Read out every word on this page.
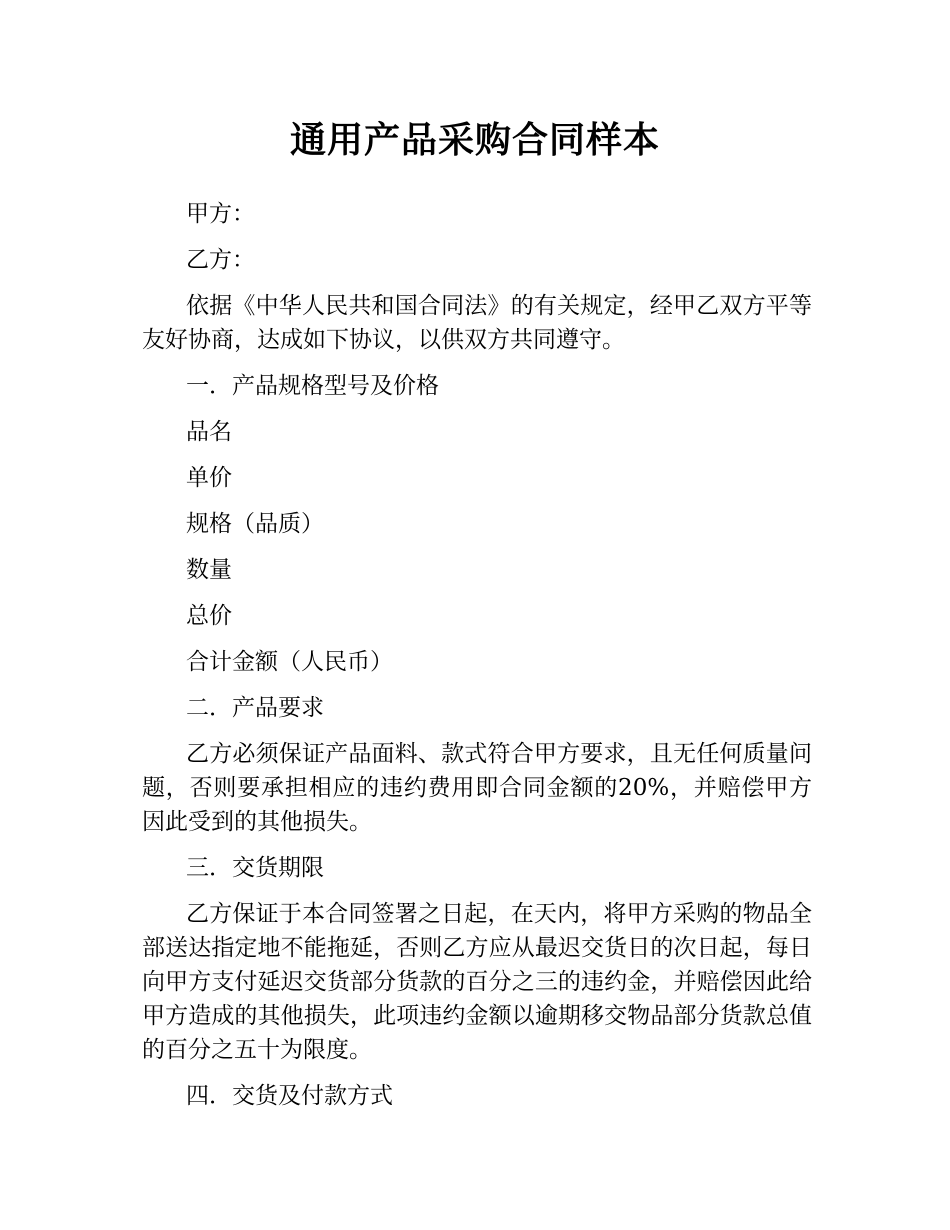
通用产品采购合同样本
甲方：
乙方：
依据《中华人民共和国合同法》的有关规定，经甲乙双方平等友好协商，达成如下协议，以供双方共同遵守。
一．产品规格型号及价格
品名
单价
规格（品质）
数量
总价
合计金额（人民币）
二．产品要求
乙方必须保证产品面料、款式符合甲方要求，且无任何质量问题，否则要承担相应的违约费用即合同金额的20%，并赔偿甲方因此受到的其他损失。
三．交货期限
乙方保证于本合同签署之日起，在天内，将甲方采购的物品全部送达指定地不能拖延，否则乙方应从最迟交货日的次日起，每日向甲方支付延迟交货部分货款的百分之三的违约金，并赔偿因此给甲方造成的其他损失，此项违约金额以逾期移交物品部分货款总值的百分之五十为限度。
四．交货及付款方式
